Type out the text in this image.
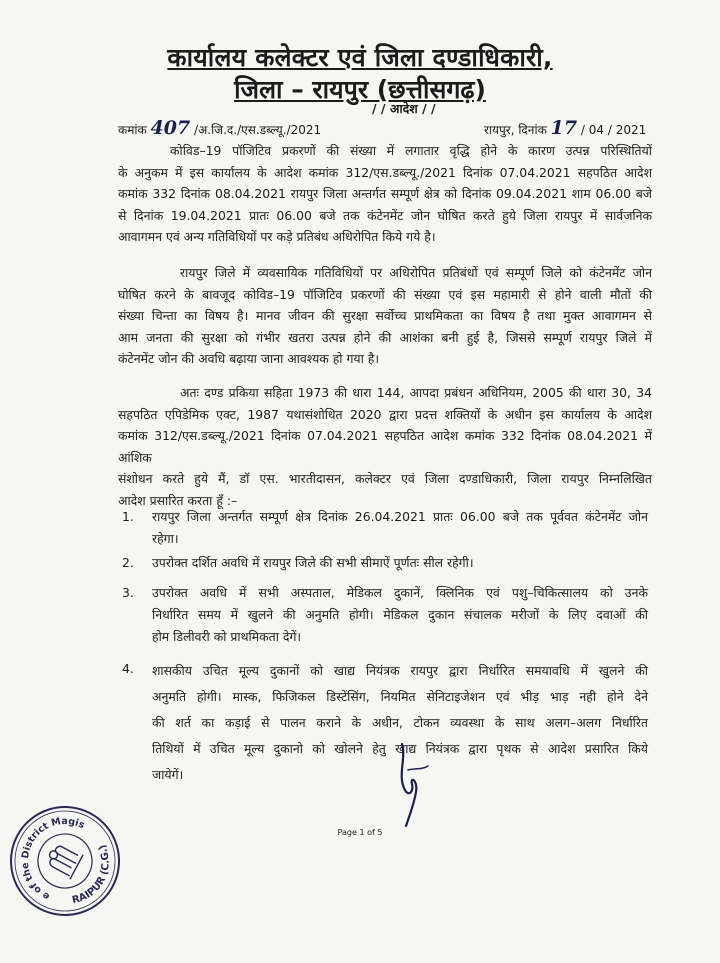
कार्यालय कलेक्टर एवं जिला दण्डाधिकारी,
जिला – रायपुर (छत्तीसगढ़)
/ / आदेश / /
कमांक 407 /अ.जि.द./एस.डब्ल्यू./2021	रायपुर, दिनांक 17 / 04 / 2021
कोविड–19 पॉजिटिव प्रकरणों की संख्या में लगातार वृद्धि होने के कारण उत्पन्न परिस्थितियों
के अनुकम में इस कार्यालय के आदेश कमांक 312/एस.डब्ल्यू./2021 दिनांक 07.04.2021 सहपठित आदेश
कमांक 332 दिनांक 08.04.2021 रायपुर जिला अन्तर्गत सम्पूर्ण क्षेत्र को दिनांक 09.04.2021 शाम 06.00 बजे
से दिनांक 19.04.2021 प्रातः 06.00 बजे तक कंटेनमेंट जोन घोषित करते हुये जिला रायपुर में सार्वजनिक
आवागमन एवं अन्य गतिविधियों पर कड़े प्रतिबंध अधिरोपित किये गये है।
रायपुर जिले में व्यवसायिक गतिविधियों पर अधिरोपित प्रतिबंधों एवं सम्पूर्ण जिले को कंटेनमेंट जोन
घोषित करने के बावजूद कोविड–19 पॉजिटिव प्रकरणों की संख्या एवं इस महामारी से होने वाली मौतों की
संख्या चिन्ता का विषय है। मानव जीवन की सुरक्षा सर्वोच्च प्राथमिकता का विषय है तथा मुक्त आवागमन से
आम जनता की सुरक्षा को गंभीर खतरा उत्पन्न होने की आशंका बनी हुई है, जिससे सम्पूर्ण रायपुर जिले में
कंटेनमेंट जोन की अवधि बढ़ाया जाना आवश्यक हो गया है।
अतः दण्ड प्रकिया सहिता 1973 की धारा 144, आपदा प्रबंधन अधिनियम, 2005 की धारा 30, 34
सहपठित एपिडेमिक एक्ट, 1987 यथासंशोधित 2020 द्वारा प्रदत्त शक्तियों के अधीन इस कार्यालय के आदेश
कमांक 312/एस.डब्ल्यू./2021 दिनांक 07.04.2021 सहपठित आदेश कमांक 332 दिनांक 08.04.2021 में आंशिक
संशोधन करते हुये मैं, डॉ एस. भारतीदासन, कलेक्टर एवं जिला दण्डाधिकारी, जिला रायपुर निम्नलिखित
आदेश प्रसारित करता हूँ :–
1. रायपुर जिला अन्तर्गत सम्पूर्ण क्षेत्र दिनांक 26.04.2021 प्रातः 06.00 बजे तक पूर्ववत कंटेनमेंट जोन
रहेगा।
2. उपरोक्त दर्शित अवधि में रायपुर जिले की सभी सीमाऐं पूर्णतः सील रहेगी।
3. उपरोक्त अवधि में सभी अस्पताल, मेडिकल दुकानें, क्लिनिक एवं पशु–चिकित्सालय को उनके
निर्धारित समय में खुलने की अनुमति होगी। मेडिकल दुकान संचालक मरीजों के लिए दवाओं की
होम डिलीवरी को प्राथमिकता देगें।
4. शासकीय उचित मूल्य दुकानों को खाद्य नियंत्रक रायपुर द्वारा निर्धारित समयावधि में खुलने की
अनुमति होगी। मास्क, फिजिकल डिस्टेंसिंग, नियमित सेनिटाइजेशन एवं भीड़ भाड़ नही होने देने
की शर्त का कड़ाई से पालन कराने के अधीन, टोकन व्यवस्था के साथ अलग–अलग निर्धारित
तिथियों में उचित मूल्य दुकानो को खोलने हेतु खाद्य नियंत्रक द्वारा पृथक से आदेश प्रसारित किये
जायेगें।
Page 1 of 5
Office of the District Magistrate
RAIPUR (C.G.)
